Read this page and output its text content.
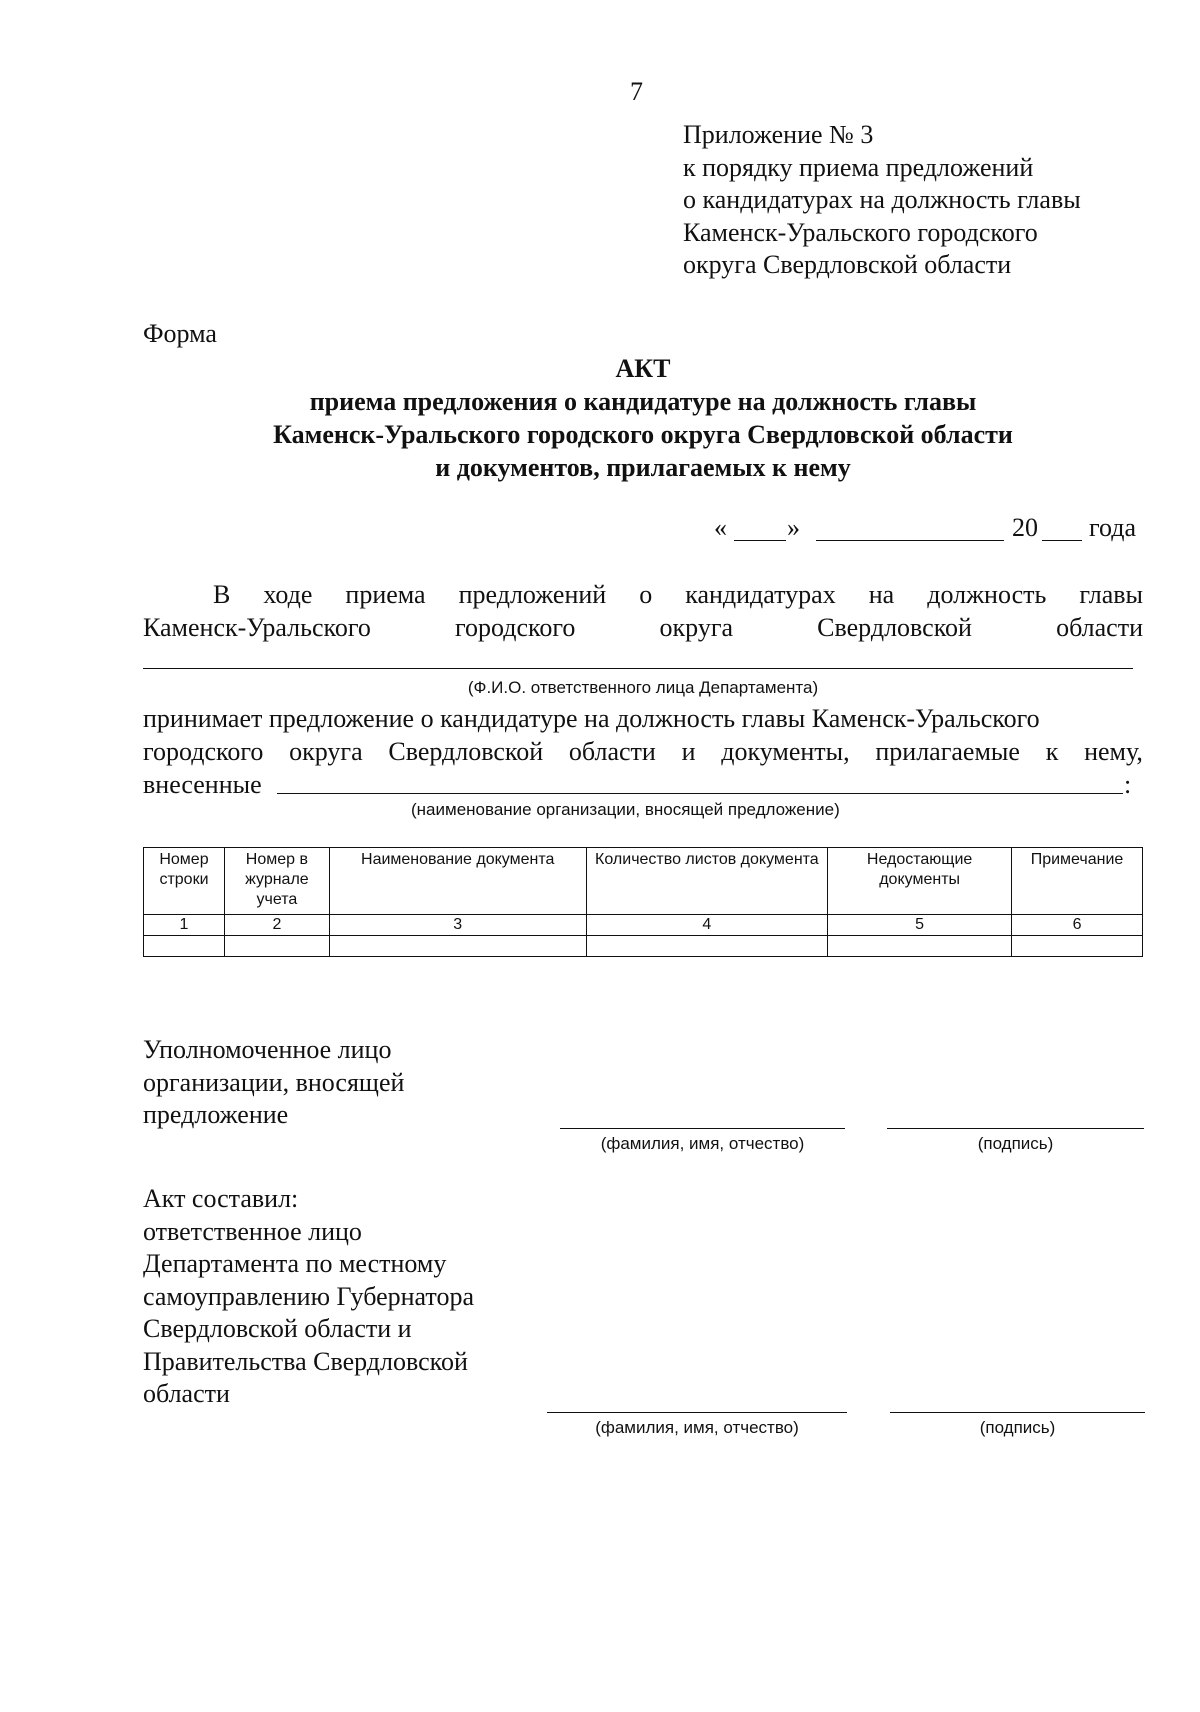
7
Приложение № 3
к порядку приема предложений
о кандидатурах на должность главы
Каменск-Уральского городского
округа Свердловской области
Форма
АКТ
приема предложения о кандидатуре на должность главы
Каменск-Уральского городского округа Свердловской области
и документов, прилагаемых к нему
« »	20 года
В ходе приема предложений о кандидатурах на должность главы
Каменск-Уральского	городского	округа	Свердловской	области
(Ф.И.О. ответственного лица Департамента)
принимает предложение о кандидатуре на должность главы Каменск-Уральского
городского округа Свердловской области и документы, прилагаемые к нему,
внесенные	:
(наименование организации, вносящей предложение)
Номер строки	Номер в журнале учета	Наименование документа	Количество листов документа	Недостающие документы	Примечание
1	2	3	4	5	6

Уполномоченное лицо
организации, вносящей
предложение
(фамилия, имя, отчество)	(подпись)
Акт составил:
ответственное лицо
Департамента по местному
самоуправлению Губернатора
Свердловской области и
Правительства Свердловской
области
(фамилия, имя, отчество)	(подпись)
